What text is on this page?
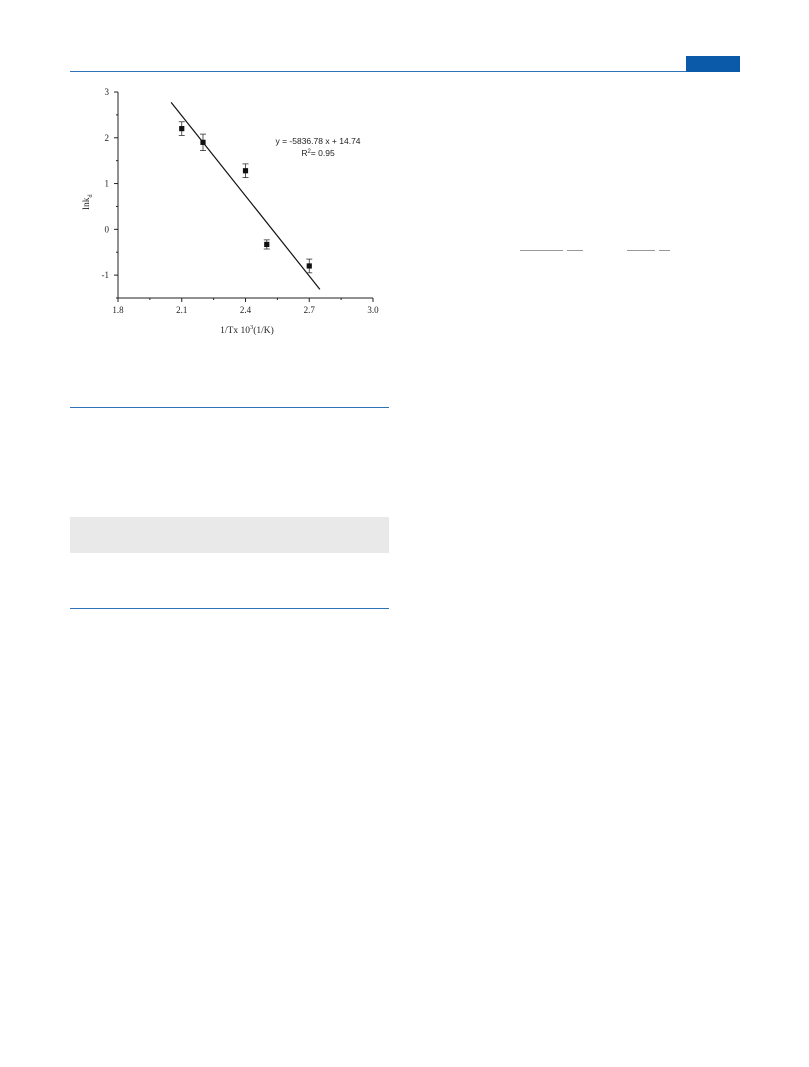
1.8	2.1	2.4	2.7	3.0
3
2
1
0
-1
y = -5836.78 x + 14.74
$R^2= 0.95$
1/Tx $10^3(1/K)$
lnk$_d$
